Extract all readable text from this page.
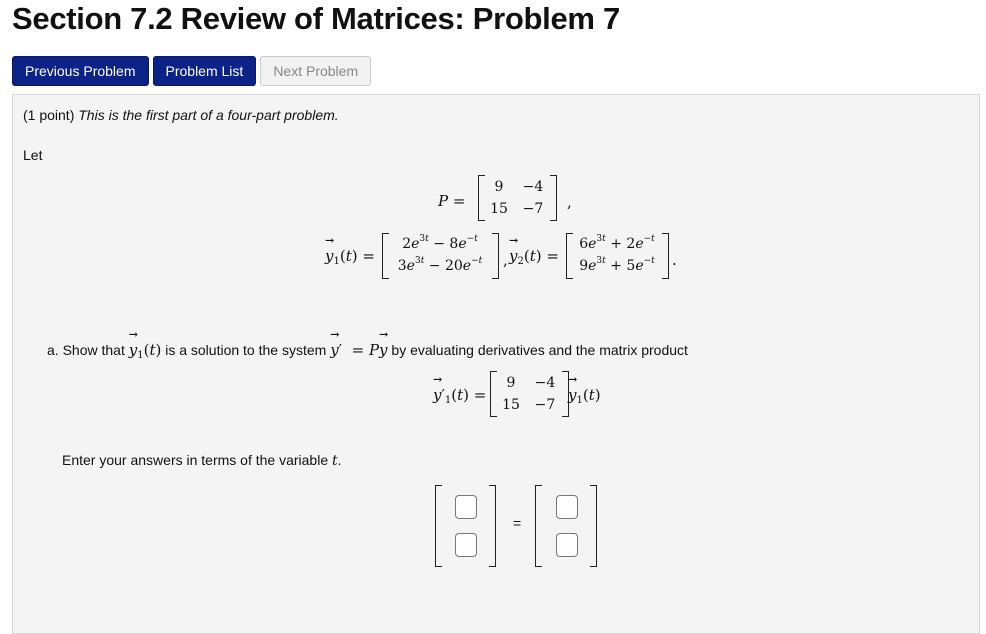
Section 7.2 Review of Matrices: Problem 7
Previous Problem	Problem List	Next Problem
(1 point) This is the first part of a four-part problem.
Let
P =
9	−4
15	−7	,
→ $y_1(t)$ =
$2e^{3t} - 8e^{-t}$
$3e^{3t} - 20e^{-t}$	, → $y_2(t)$ =
$6e^{3t} + 2e^{-t}$
$9e^{3t} + 5e^{-t}$	.
a. Show that → $y_1(t)$ is a solution to the system → y′  = P→ y by evaluating derivatives and the matrix product
→ $y'_1(t)$ =
9	−4
15	−7
→ $y_1(t)$
Enter your answers in terms of the variable t.
=
